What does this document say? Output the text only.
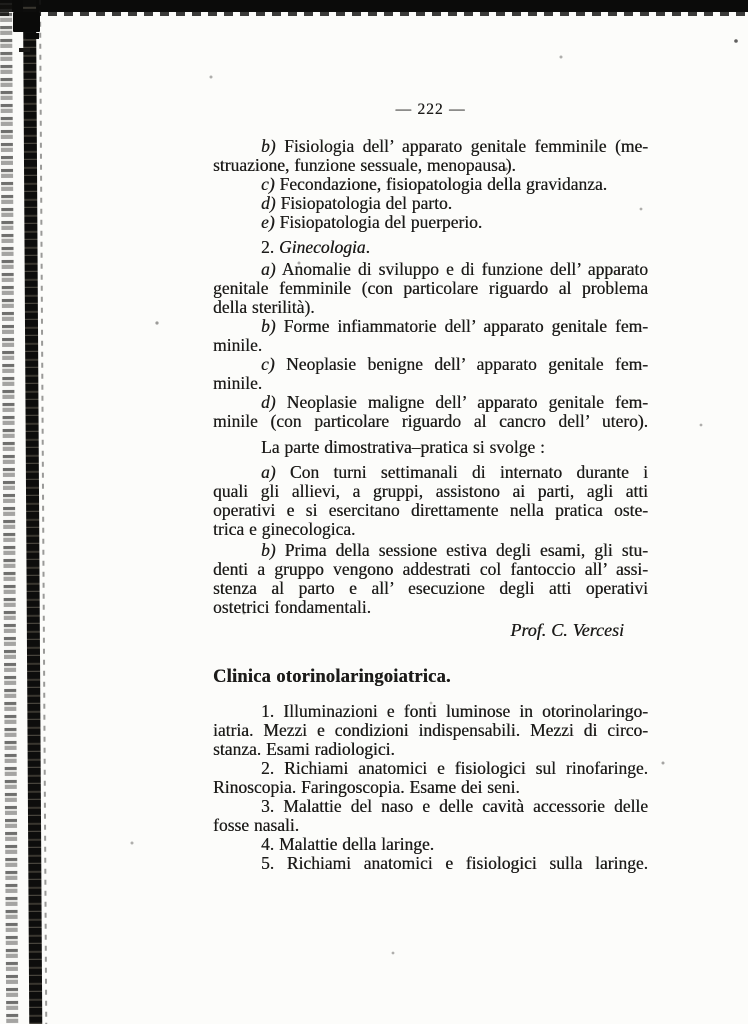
— 222 —
b) Fisiologia dell’ apparato genitale femminile (me-
struazione, funzione sessuale, menopausa).
c) Fecondazione, fisiopatologia della gravidanza.
d) Fisiopatologia del parto.
e) Fisiopatologia del puerperio.
2. Ginecologia.
a) Anomalie di sviluppo e di funzione dell’ apparato
genitale femminile (con particolare riguardo al problema
della sterilità).
b) Forme infiammatorie dell’ apparato genitale fem-
minile.
c) Neoplasie benigne dell’ apparato genitale fem-
minile.
d) Neoplasie maligne dell’ apparato genitale fem-
minile (con particolare riguardo al cancro dell’ utero).
La parte dimostrativa–pratica si svolge :
a) Con turni settimanali di internato durante i
quali gli allievi, a gruppi, assistono ai parti, agli atti
operativi e si esercitano direttamente nella pratica oste-
trica e ginecologica.
b) Prima della sessione estiva degli esami, gli stu-
denti a gruppo vengono addestrati col fantoccio all’ assi-
stenza al parto e all’ esecuzione degli atti operativi
ostetrici fondamentali.
Prof. C. Vercesi
Clinica otorinolaringoiatrica.
1. Illuminazioni e fonti luminose in otorinolaringo-
iatria. Mezzi e condizioni indispensabili. Mezzi di circo-
stanza. Esami radiologici.
2. Richiami anatomici e fisiologici sul rinofaringe.
Rinoscopia. Faringoscopia. Esame dei seni.
3. Malattie del naso e delle cavità accessorie delle
fosse nasali.
4. Malattie della laringe.
5. Richiami anatomici e fisiologici sulla laringe.
